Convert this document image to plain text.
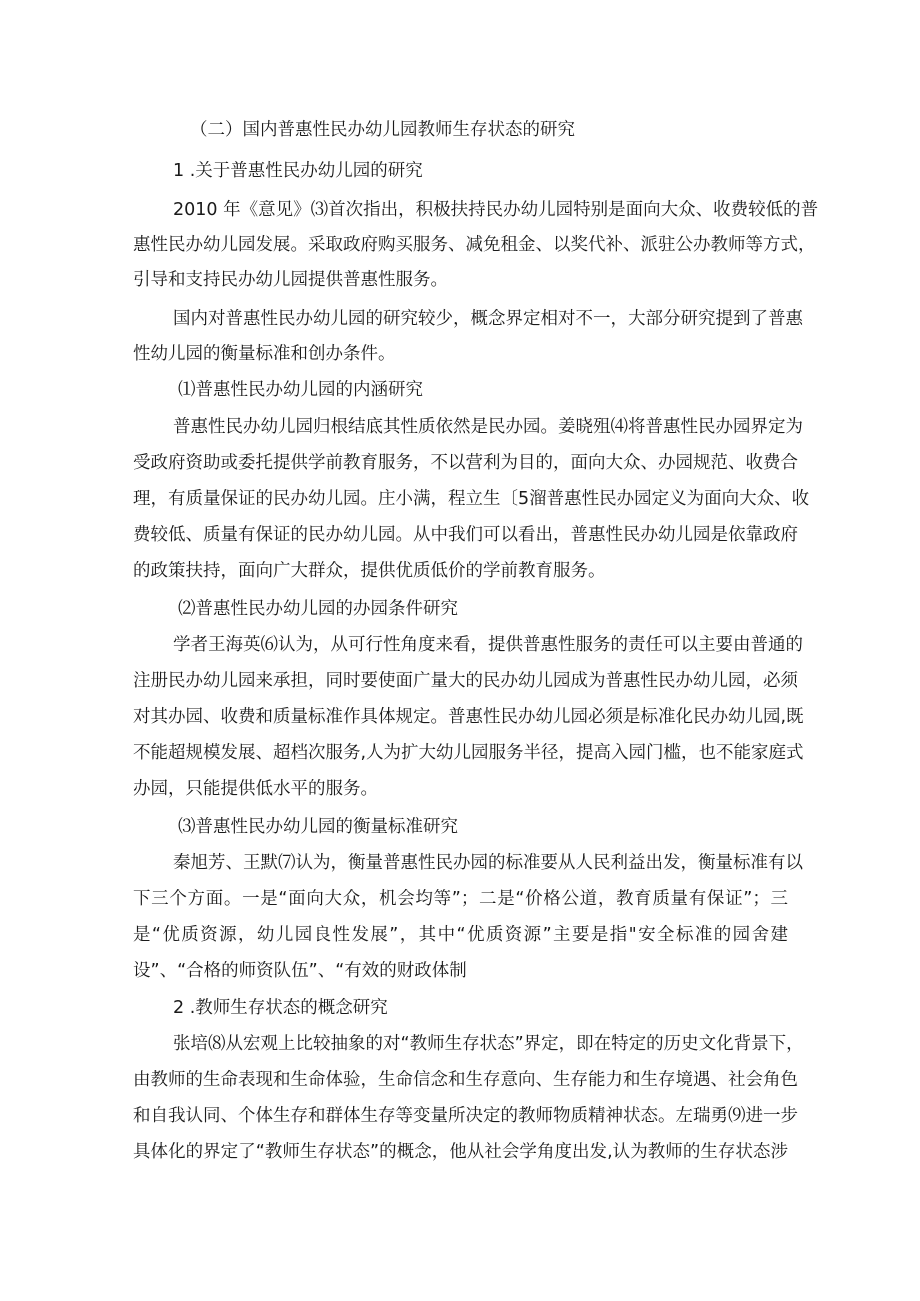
（二）国内普惠性民办幼儿园教师生存状态的研究
1 .关于普惠性民办幼儿园的研究
2010 年《意见》⑶首次指出，积极扶持民办幼儿园特别是面向大众、收费较低的普
惠性民办幼儿园发展。采取政府购买服务、减免租金、以奖代补、派驻公办教师等方式，
引导和支持民办幼儿园提供普惠性服务。
国内对普惠性民办幼儿园的研究较少，概念界定相对不一，大部分研究提到了普惠
性幼儿园的衡量标准和创办条件。
⑴普惠性民办幼儿园的内涵研究
普惠性民办幼儿园归根结底其性质依然是民办园。姜晓殂⑷将普惠性民办园界定为
受政府资助或委托提供学前教育服务，不以营利为目的，面向大众、办园规范、收费合
理，有质量保证的民办幼儿园。庄小满，程立生〔5溜普惠性民办园定义为面向大众、收
费较低、质量有保证的民办幼儿园。从中我们可以看出，普惠性民办幼儿园是依靠政府
的政策扶持，面向广大群众，提供优质低价的学前教育服务。
⑵普惠性民办幼儿园的办园条件研究
学者王海英⑹认为，从可行性角度来看，提供普惠性服务的责任可以主要由普通的
注册民办幼儿园来承担，同时要使面广量大的民办幼儿园成为普惠性民办幼儿园，必须
对其办园、收费和质量标准作具体规定。普惠性民办幼儿园必须是标准化民办幼儿园,既
不能超规模发展、超档次服务,人为扩大幼儿园服务半径，提高入园门槛，也不能家庭式
办园，只能提供低水平的服务。
⑶普惠性民办幼儿园的衡量标准研究
秦旭芳、王默⑺认为，衡量普惠性民办园的标准要从人民利益出发，衡量标准有以
下三个方面。一是“面向大众，机会均等”；二是“价格公道，教育质量有保证”；三
是“优质资源，幼儿园良性发展”，其中“优质资源”主要是指"安全标准的园舍建
设”、“合格的师资队伍”、“有效的财政体制
2 .教师生存状态的概念研究
张培⑻从宏观上比较抽象的对“教师生存状态”界定，即在特定的历史文化背景下，
由教师的生命表现和生命体验，生命信念和生存意向、生存能力和生存境遇、社会角色
和自我认同、个体生存和群体生存等变量所决定的教师物质精神状态。左瑞勇⑼进一步
具体化的界定了“教师生存状态”的概念，他从社会学角度出发,认为教师的生存状态涉
